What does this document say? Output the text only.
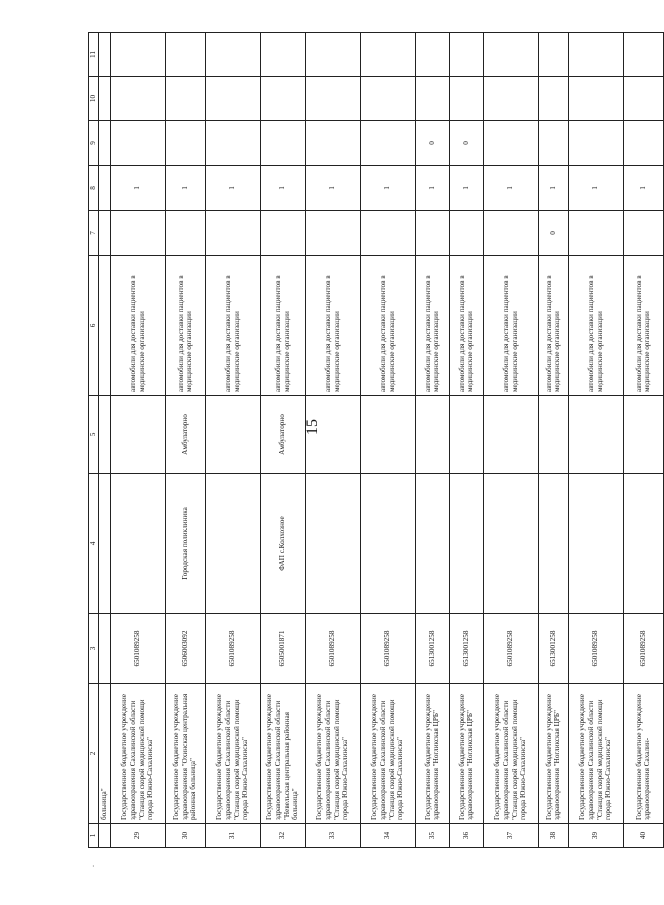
15
1	2	3	4	5	6	7	8	9	10	11
	больница"									
29	Государственное бюджетное учреждение здравоохранения Сахалинской области "Станция скорой медицинской помощи города Южно-Сахалинска"	6501089258			автомобили для доставки пациентов в медицинские организации		1			
30	Государственное бюджетное учреждение здравоохранения "Охинская центральная районная больница"	6506003092	Городская поликлиника	Амбулаторно	автомобили для доставки пациентов в медицинские организации		1			
31	Государственное бюджетное учреждение здравоохранения Сахалинской области "Станция скорой медицинской помощи города Южно-Сахалинска"	6501089258			автомобили для доставки пациентов в медицинские организации		1			
32	Государственное бюджетное учреждение здравоохранения Сахалинской области "Невельская центральная районная больница"	6505001871	ФАП с.Колхозное	Амбулаторно	автомобили для доставки пациентов в медицинские организации		1			
33	Государственное бюджетное учреждение здравоохранения Сахалинской области "Станция скорой медицинской помощи города Южно-Сахалинска"	6501089258			автомобили для доставки пациентов в медицинские организации		1			
34	Государственное бюджетное учреждение здравоохранения Сахалинской области "Станция скорой медицинской помощи города Южно-Сахалинска"	6501089258			автомобили для доставки пациентов в медицинские организации		1			
35	Государственное бюджетное учреждение здравоохранения "Ногликская ЦРБ"	6513001258			автомобили для доставки пациентов в медицинские организации		1	0		
36	Государственное бюджетное учреждение здравоохранения "Ногликская ЦРБ"	6513001258			автомобили для доставки пациентов в медицинские организации		1	0		
37	Государственное бюджетное учреждение здравоохранения Сахалинской области "Станция скорой медицинской помощи города Южно-Сахалинска"	6501089258			автомобили для доставки пациентов в медицинские организации		1			
38	Государственное бюджетное учреждение здравоохранения "Ногликская ЦРБ"	6513001258			автомобили для доставки пациентов в медицинские организации	0	1			
39	Государственное бюджетное учреждение здравоохранения Сахалинской области "Станция скорой медицинской помощи города Южно-Сахалинска"	6501089258			автомобили для доставки пациентов в медицинские организации		1			
40	Государственное бюджетное учреждение здравоохранения Сахалин-	6501089258			автомобили для доставки пациентов в медицинские организации		1			
·
